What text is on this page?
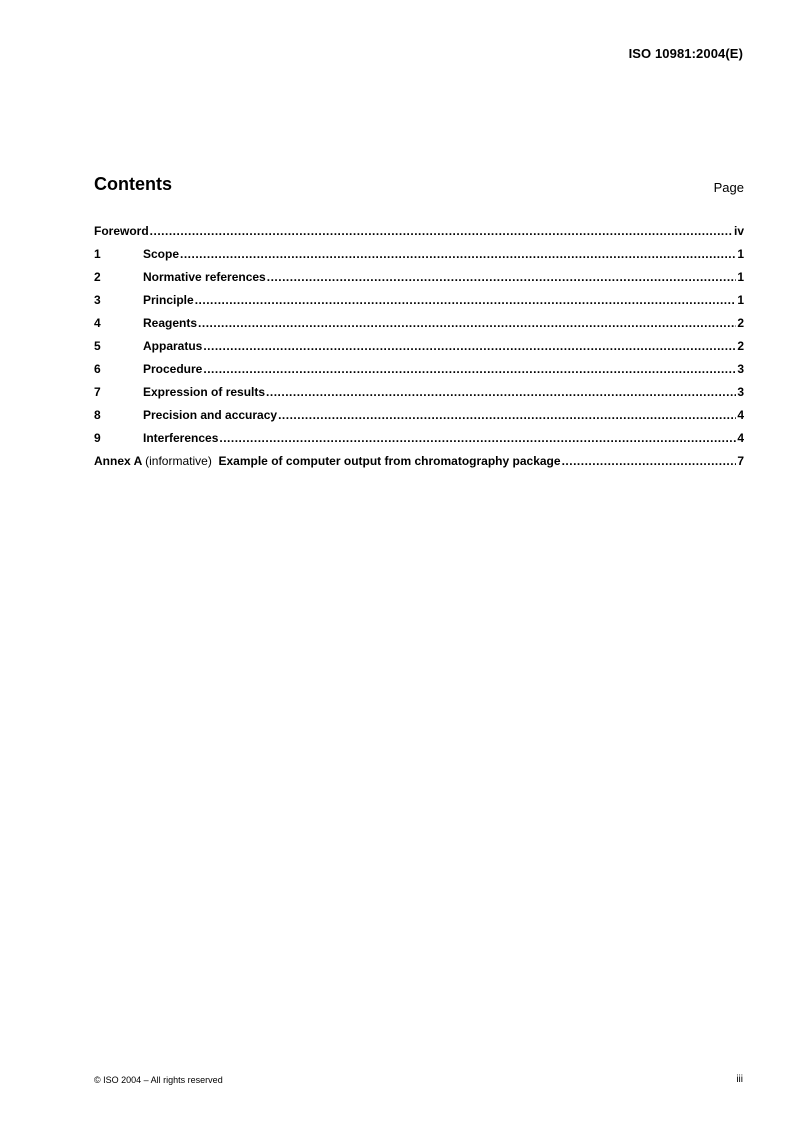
ISO 10981:2004(E)
Contents	Page
Foreword .....	iv
1	Scope .....	1
2	Normative references .....	1
3	Principle .....	1
4	Reagents .....	2
5	Apparatus .....	2
6	Procedure .....	3
7	Expression of results .....	3
8	Precision and accuracy .....	4
9	Interferences .....	4
Annex A (informative) Example of computer output from chromatography package .....	7
© ISO 2004 – All rights reserved	iii
